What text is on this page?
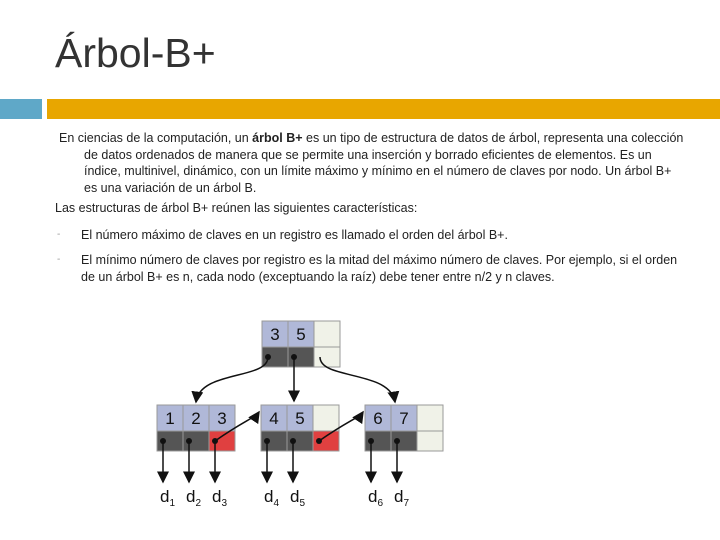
Árbol-B+

En ciencias de la computación, un árbol B+ es un tipo de estructura de datos de árbol, representa una colección de datos ordenados de manera que se permite una inserción y borrado eficientes de elementos. Es un índice, multinivel, dinámico, con un límite máximo y mínimo en el número de claves por nodo. Un árbol B+ es una variación de un árbol B.

Las estructuras de árbol B+ reúnen las siguientes características:

- El número máximo de claves en un registro es llamado el orden del árbol B+.
- El mínimo número de claves por registro es la mitad del máximo número de claves. Por ejemplo, si el orden de un árbol B+ es n, cada nodo (exceptuando la raíz) debe tener entre n/2 y n claves.
3 5
1 2 3	4 5	6 7
$d_1$ $d_2$ $d_3$ $d_4$ $d_5$	$d_6$ $d_7$
